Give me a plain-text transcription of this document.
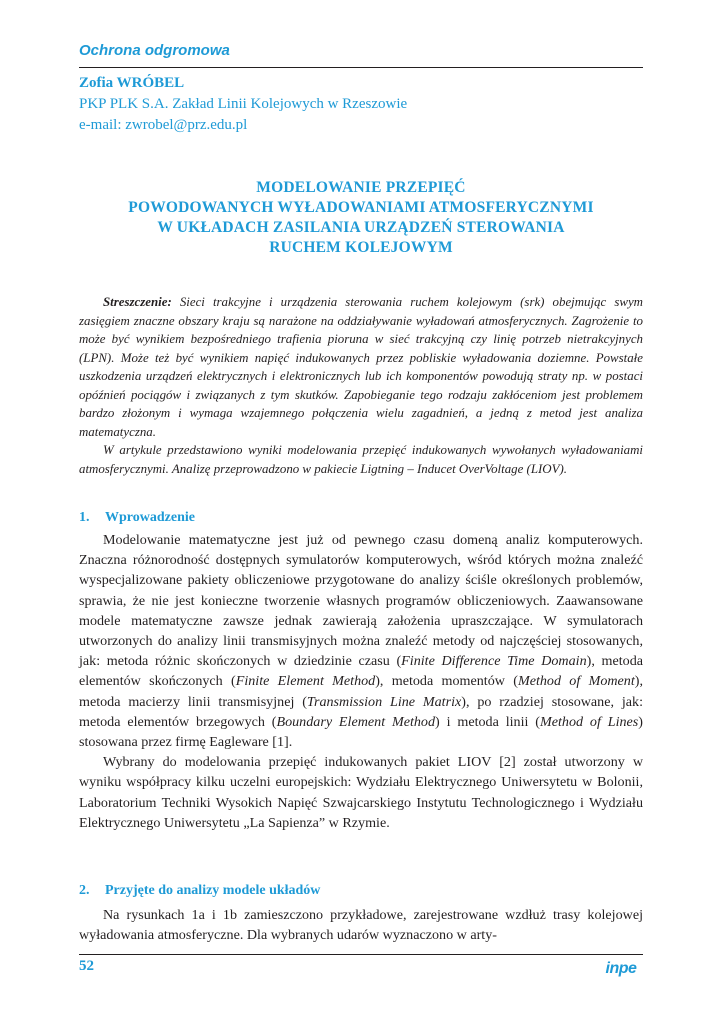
Ochrona odgromowa

Zofia WRÓBEL
PKP PLK S.A. Zakład Linii Kolejowych w Rzeszowie
e-mail: zwrobel@prz.edu.pl
MODELOWANIE PRZEPIĘĆ
POWODOWANYCH WYŁADOWANIAMI ATMOSFERYCZNYMI
W UKŁADACH ZASILANIA URZĄDZEŃ STEROWANIA
RUCHEM KOLEJOWYM

Streszczenie: Sieci trakcyjne i urządzenia sterowania ruchem kolejowym (srk) obejmując swym zasięgiem znaczne obszary kraju są narażone na oddziaływanie wyładowań atmosferycznych. Zagrożenie to może być wynikiem bezpośredniego trafienia pioruna w sieć trakcyjną czy linię potrzeb nietrakcyjnych (LPN). Może też być wynikiem napięć indukowanych przez pobliskie wyładowania doziemne. Powstałe uszkodzenia urządzeń elektrycznych i elektronicznych lub ich komponentów powodują straty np. w postaci opóźnień pociągów i związanych z tym skutków. Zapobieganie tego rodzaju zakłóceniom jest problemem bardzo złożonym i wymaga wzajemnego połączenia wielu zagadnień, a jedną z metod jest analiza matematyczna.

W artykule przedstawiono wyniki modelowania przepięć indukowanych wywołanych wyładowaniami atmosferycznymi. Analizę przeprowadzono w pakiecie Ligtning – Inducet OverVoltage (LIOV).

1. Wprowadzenie

Modelowanie matematyczne jest już od pewnego czasu domeną analiz komputerowych. Znaczna różnorodność dostępnych symulatorów komputerowych, wśród których można znaleźć wyspecjalizowane pakiety obliczeniowe przygotowane do analizy ściśle określonych problemów, sprawia, że nie jest konieczne tworzenie własnych programów obliczeniowych. Zaawansowane modele matematyczne zawsze jednak zawierają założenia upraszczające. W symulatorach utworzonych do analizy linii transmisyjnych można znaleźć metody od najczęściej stosowanych, jak: metoda różnic skończonych w dziedzinie czasu (Finite Difference Time Domain), metoda elementów skończonych (Finite Element Method), metoda momentów (Method of Moment), metoda macierzy linii transmisyjnej (Transmission Line Matrix), po rzadziej stosowane, jak: metoda elementów brzegowych (Boundary Element Method) i metoda linii (Method of Lines) stosowana przez firmę Eagleware [1].

Wybrany do modelowania przepięć indukowanych pakiet LIOV [2] został utworzony w wyniku współpracy kilku uczelni europejskich: Wydziału Elektrycznego Uniwersytetu w Bolonii, Laboratorium Techniki Wysokich Napięć Szwajcarskiego Instytutu Technologicznego i Wydziału Elektrycznego Uniwersytetu „La Sapienza” w Rzymie.

2. Przyjęte do analizy modele układów

Na rysunkach 1a i 1b zamieszczono przykładowe, zarejestrowane wzdłuż trasy kolejowej wyładowania atmosferyczne. Dla wybranych udarów wyznaczono w arty-

52	inpe
